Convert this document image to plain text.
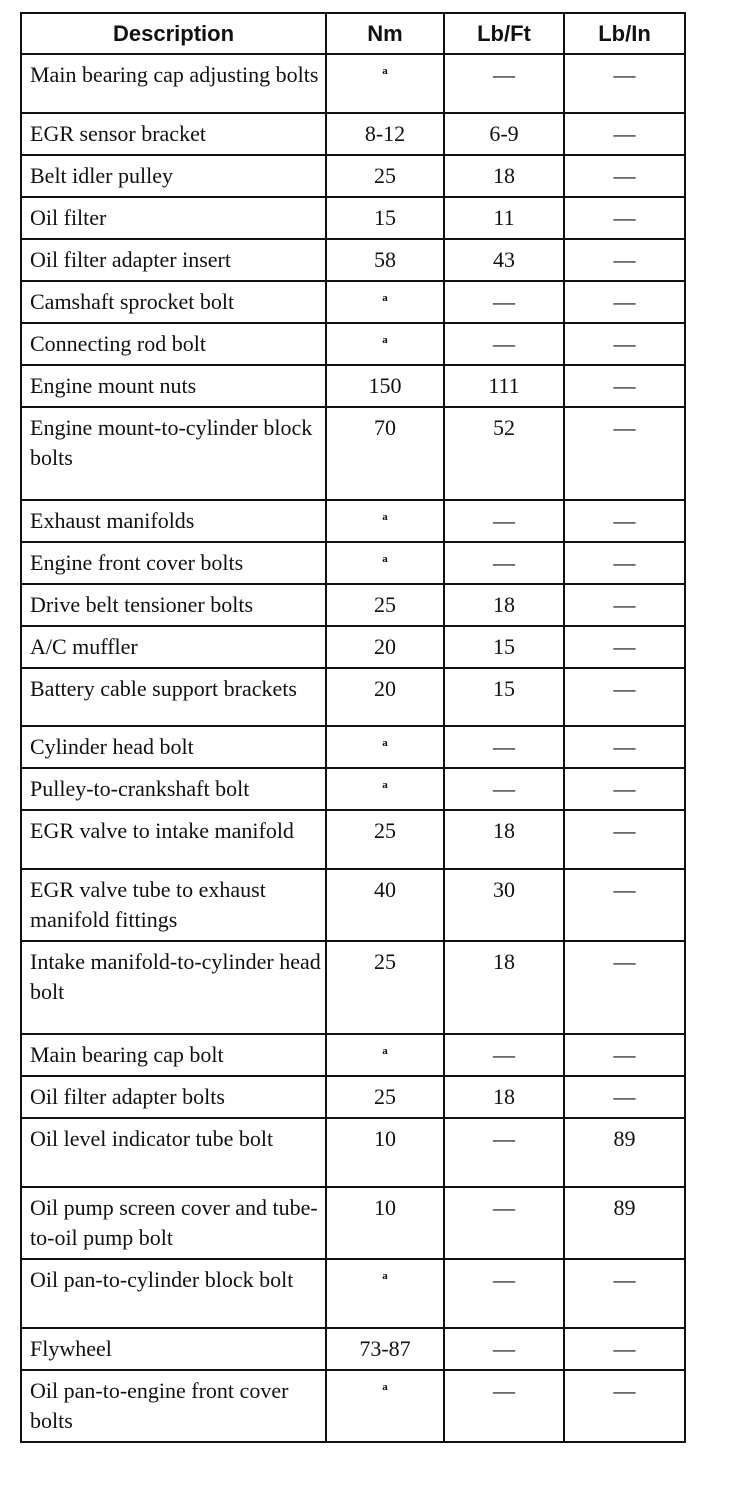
Description	Nm	Lb/Ft	Lb/In
Main bearing cap adjusting bolts	a	—	—
EGR sensor bracket	8-12	6-9	—
Belt idler pulley	25	18	—
Oil filter	15	11	—
Oil filter adapter insert	58	43	—
Camshaft sprocket bolt	a	—	—
Connecting rod bolt	a	—	—
Engine mount nuts	150	111	—
Engine mount-to-cylinder block bolts	70	52	—
Exhaust manifolds	a	—	—
Engine front cover bolts	a	—	—
Drive belt tensioner bolts	25	18	—
A/C muffler	20	15	—
Battery cable support brackets	20	15	—
Cylinder head bolt	a	—	—
Pulley-to-crankshaft bolt	a	—	—
EGR valve to intake manifold	25	18	—
EGR valve tube to exhaust manifold fittings	40	30	—
Intake manifold-to-cylinder head bolt	25	18	—
Main bearing cap bolt	a	—	—
Oil filter adapter bolts	25	18	—
Oil level indicator tube bolt	10	—	89
Oil pump screen cover and tube-to-oil pump bolt	10	—	89
Oil pan-to-cylinder block bolt	a	—	—
Flywheel	73-87	—	—
Oil pan-to-engine front cover bolts	a	—	—
